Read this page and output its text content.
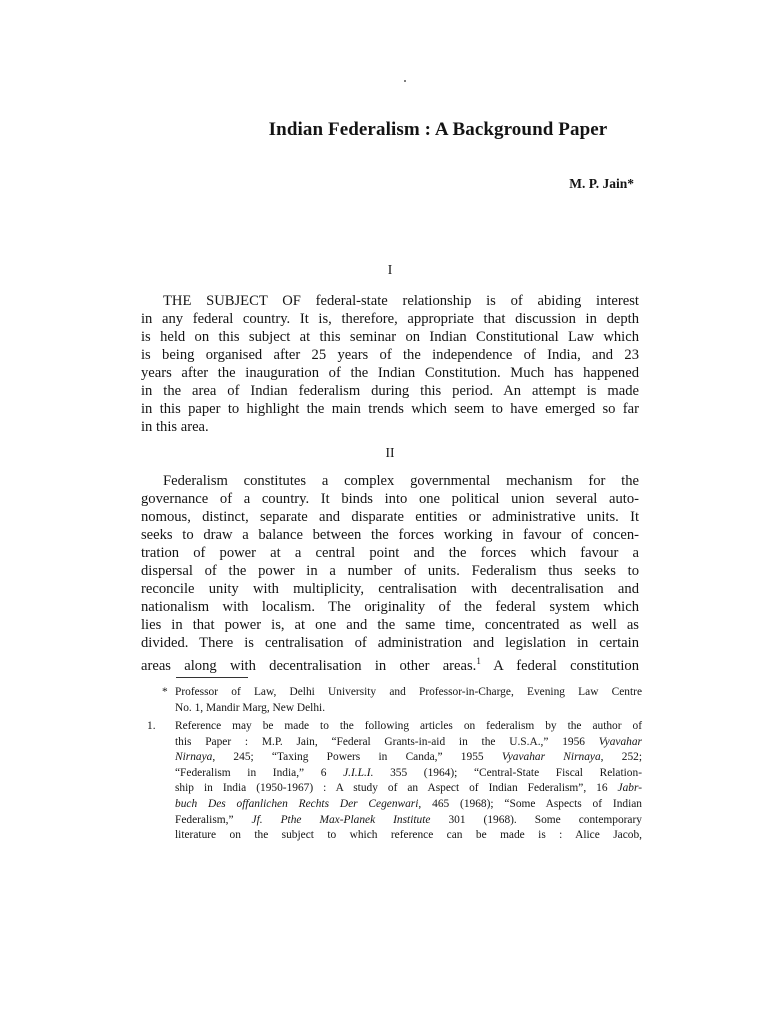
Indian Federalism : A Background Paper

M. P. Jain*

I

THE SUBJECT OF federal-state relationship is of abiding interest
in any federal country. It is, therefore, appropriate that discussion in depth
is held on this subject at this seminar on Indian Constitutional Law which
is being organised after 25 years of the independence of India, and 23
years after the inauguration of the Indian Constitution. Much has happened
in the area of Indian federalism during this period. An attempt is made
in this paper to highlight the main trends which seem to have emerged so far
in this area.

II

Federalism constitutes a complex governmental mechanism for the
governance of a country. It binds into one political union several auto-
nomous, distinct, separate and disparate entities or administrative units. It
seeks to draw a balance between the forces working in favour of concen-
tration of power at a central point and the forces which favour a
dispersal of the power in a number of units. Federalism thus seeks to
reconcile unity with multiplicity, centralisation with decentralisation and
nationalism with localism. The originality of the federal system which
lies in that power is, at one and the same time, concentrated as well as
divided. There is centralisation of administration and legislation in certain
areas along with decentralisation in other areas.$^1$ A federal constitution
* Professor of Law, Delhi University and Professor-in-Charge, Evening Law Centre
No. 1, Mandir Marg, New Delhi.
1. Reference may be made to the following articles on federalism by the author of
this Paper : M.P. Jain, “Federal Grants-in-aid in the U.S.A.,” 1956 Vyavahar
Nirnaya, 245; “Taxing Powers in Canda,” 1955 Vyavahar Nirnaya, 252;
“Federalism in India,” 6 J.I.L.I. 355 (1964); “Central-State Fiscal Relation-
ship in India (1950-1967) : A study of an Aspect of Indian Federalism”, 16 Jabr-
buch Des offanlichen Rechts Der Cegenwari, 465 (1968); “Some Aspects of Indian
Federalism,” Jf. Pthe Max-Planek Institute 301 (1968). Some contemporary
literature on the subject to which reference can be made is : Alice Jacob,
